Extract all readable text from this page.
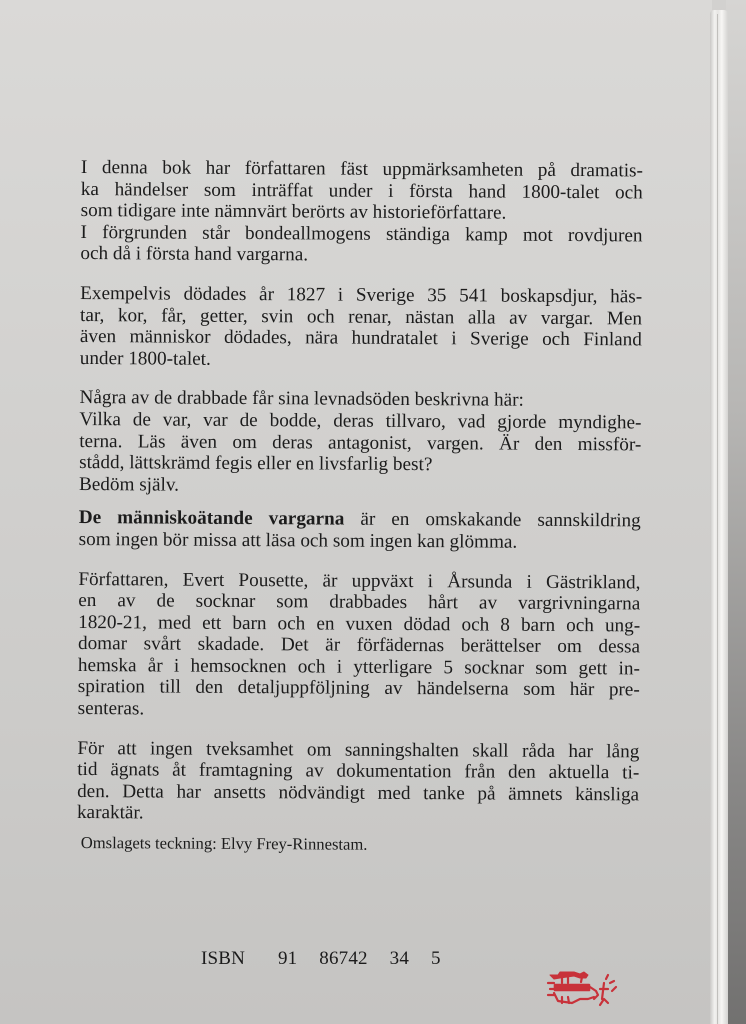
I denna bok har författaren fäst uppmärksamheten på dramatis-
ka händelser som inträffat under i första hand 1800-talet och
som tidigare inte nämnvärt berörts av historieförfattare.
I förgrunden står bondeallmogens ständiga kamp mot rovdjuren
och då i första hand vargarna.
Exempelvis dödades år 1827 i Sverige 35 541 boskapsdjur, häs-
tar, kor, får, getter, svin och renar, nästan alla av vargar. Men
även människor dödades, nära hundratalet i Sverige och Finland
under 1800-talet.
Några av de drabbade får sina levnadsöden beskrivna här:
Vilka de var, var de bodde, deras tillvaro, vad gjorde myndighe-
terna. Läs även om deras antagonist, vargen. Är den missför-
stådd, lättskrämd fegis eller en livsfarlig best?
Bedöm själv.
De människoätande vargarna är en omskakande sannskildring
som ingen bör missa att läsa och som ingen kan glömma.
Författaren, Evert Pousette, är uppväxt i Årsunda i Gästrikland,
en av de socknar som drabbades hårt av vargrivningarna
1820-21, med ett barn och en vuxen dödad och 8 barn och ung-
domar svårt skadade. Det är förfädernas berättelser om dessa
hemska år i hemsocknen och i ytterligare 5 socknar som gett in-
spiration till den detaljuppföljning av händelserna som här pre-
senteras.
För att ingen tveksamhet om sanningshalten skall råda har lång
tid ägnats åt framtagning av dokumentation från den aktuella ti-
den. Detta har ansetts nödvändigt med tanke på ämnets känsliga
karaktär.
Omslagets teckning: Elvy Frey-Rinnestam.
ISBN   91  86742  34  5
